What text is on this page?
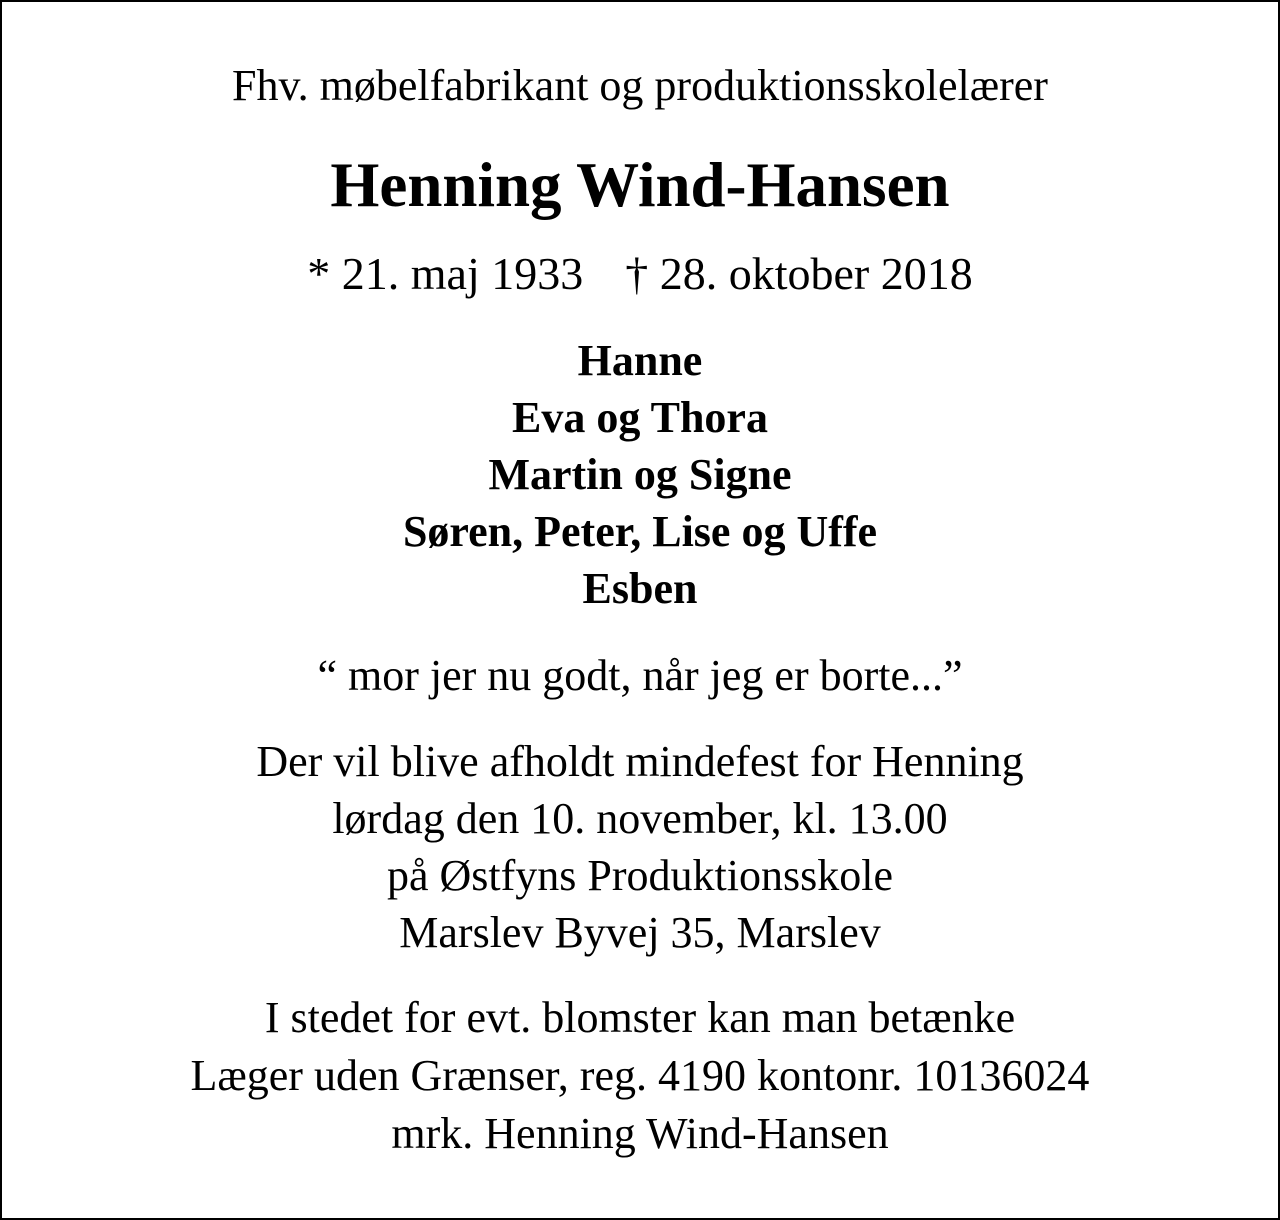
Fhv. møbelfabrikant og produktionsskolelærer
Henning Wind-Hansen
* 21. maj 1933 † 28. oktober 2018
Hanne
Eva og Thora
Martin og Signe
Søren, Peter, Lise og Uffe
Esben
“ mor jer nu godt, når jeg er borte...”
Der vil blive afholdt mindefest for Henning
lørdag den 10. november, kl. 13.00
på Østfyns Produktionsskole
Marslev Byvej 35, Marslev
I stedet for evt. blomster kan man betænke
Læger uden Grænser, reg. 4190 kontonr. 10136024
mrk. Henning Wind-Hansen
